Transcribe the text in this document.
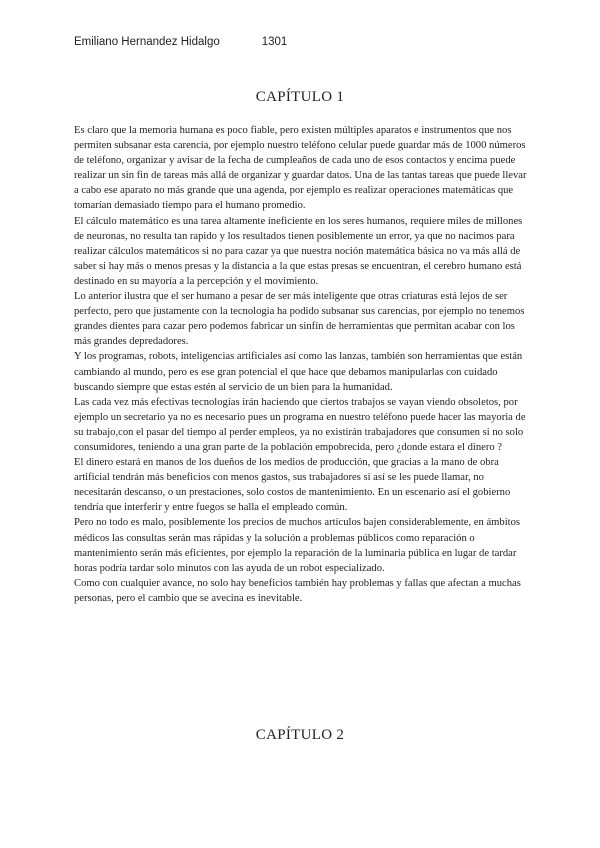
Emiliano Hernandez Hidalgo	1301
CAPÍTULO 1

Es claro que la memoria humana es poco fiable, pero existen múltiples aparatos e instrumentos que nos permiten subsanar esta carencia, por ejemplo nuestro teléfono celular puede guardar más de 1000 números de teléfono, organizar y avisar de la fecha de cumpleaños de cada uno de esos contactos y encima puede realizar un sin fin de tareas más allá de organizar y guardar datos. Una de las tantas tareas que puede llevar a cabo ese aparato no más grande que una agenda, por ejemplo es realizar operaciones matemáticas que tomarían demasiado tiempo para el humano promedio.

El cálculo matemático es una tarea altamente ineficiente en los seres humanos, requiere miles de millones de neuronas, no resulta tan rapido y los resultados tienen posiblemente un error, ya que no nacimos para realizar cálculos matemáticos si no para cazar ya que nuestra noción matemática básica no va más allá de saber si hay más o menos presas y la distancia a la que estas presas se encuentran, el cerebro humano está destinado en su mayoría a la percepción y el movimiento.

Lo anterior ilustra que el ser humano a pesar de ser más inteligente que otras criaturas está lejos de ser perfecto, pero que justamente con la tecnologia ha podido subsanar sus carencias, por ejemplo no tenemos grandes dientes para cazar pero podemos fabricar un sinfín de herramientas que permitan acabar con los más grandes depredadores.

Y los programas, robots, inteligencias artificiales así como las lanzas, también son herramientas que están cambiando al mundo, pero es ese gran potencial el que hace que debamos manipularlas con cuidado buscando siempre que estas estén al servicio de un bien para la humanidad.

Las cada vez más efectivas tecnologías irán haciendo que ciertos trabajos se vayan viendo obsoletos, por ejemplo un secretario ya no es necesario pues un programa en nuestro teléfono puede hacer las mayoria de su trabajo,con el pasar del tiempo al perder empleos, ya no existirán trabajadores que consumen si no solo consumidores, teniendo a una gran parte de la población empobrecida, pero ¿donde estara el dinero ?

El dinero estará en manos de los dueños de los medios de producción, que gracias a la mano de obra artificial tendrán más beneficios con menos gastos, sus trabajadores si así se les puede llamar, no necesitarán descanso, o un prestaciones, solo costos de mantenimiento. En un escenario así el gobierno tendría que interferir y entre fuegos se halla el empleado común.

Pero no todo es malo, posiblemente los precios de muchos artículos bajen considerablemente, en ámbitos médicos las consultas serán mas rápidas y la solución a problemas públicos como reparación o mantenimiento serán más eficientes, por ejemplo la reparación de la luminaria pública en lugar de tardar horas podría tardar solo minutos con las ayuda de un robot especializado.

Como con cualquier avance, no solo hay beneficios también hay problemas y fallas que afectan a muchas personas, pero el cambio que se avecina es inevitable.

CAPÍTULO 2
